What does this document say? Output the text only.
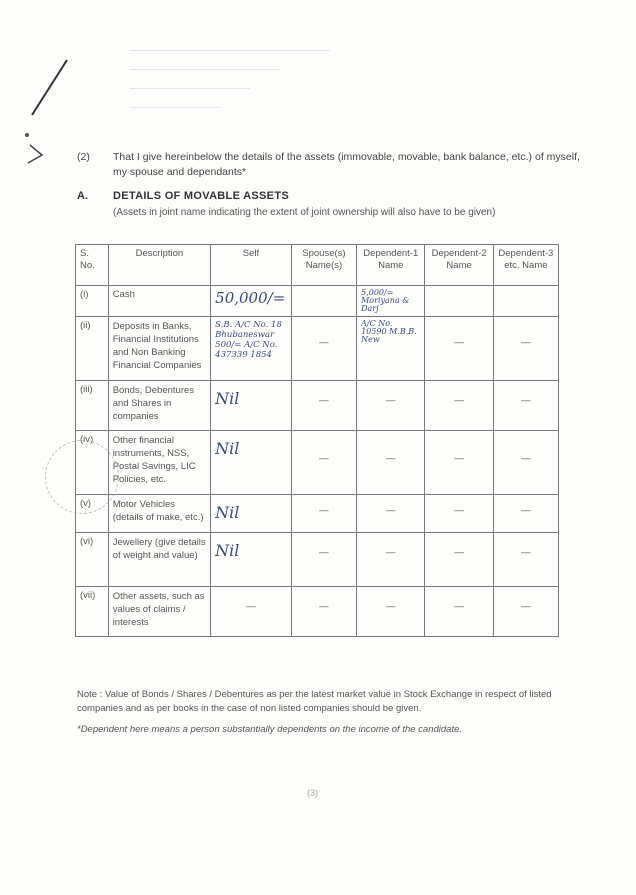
(2) That I give hereinbelow the details of the assets (immovable, movable, bank balance, etc.) of myself, my spouse and dependants*
A. DETAILS OF MOVABLE ASSETS
(Assets in joint name indicating the extent of joint ownership will also have to be given)
S. No.	Description	Self	Spouse(s) Name(s)	Dependent-1 Name	Dependent-2 Name	Dependent-3 etc. Name
(i)	Cash	50,000/=		5,000/= Moriyana & Darj		
(ii)	Deposits in Banks, Financial Institutions and Non Banking Financial Companies	S.B. A/C No. 18 Bhubaneswar 500/= A/C No. 437339 1854	—	A/C No. 10590 M.B.B. New	—	—
(iii)	Bonds, Debentures and Shares in companies	Nil	—	—	—	—
(iv)	Other financial instruments, NSS, Postal Savings, LIC Policies, etc.	Nil	—	—	—	—
(v)	Motor Vehicles (details of make, etc.)	Nil	—	—	—	—
(vi)	Jewellery (give details of weight and value)	Nil	—	—	—	—
(vii)	Other assets, such as values of claims / interests	—	—	—	—	—
Note : Value of Bonds / Shares / Debentures as per the latest market value in Stock Exchange in respect of listed companies and as per books in the case of non listed companies should be given.
*Dependent here means a person substantially dependents on the income of the candidate.
(3)
